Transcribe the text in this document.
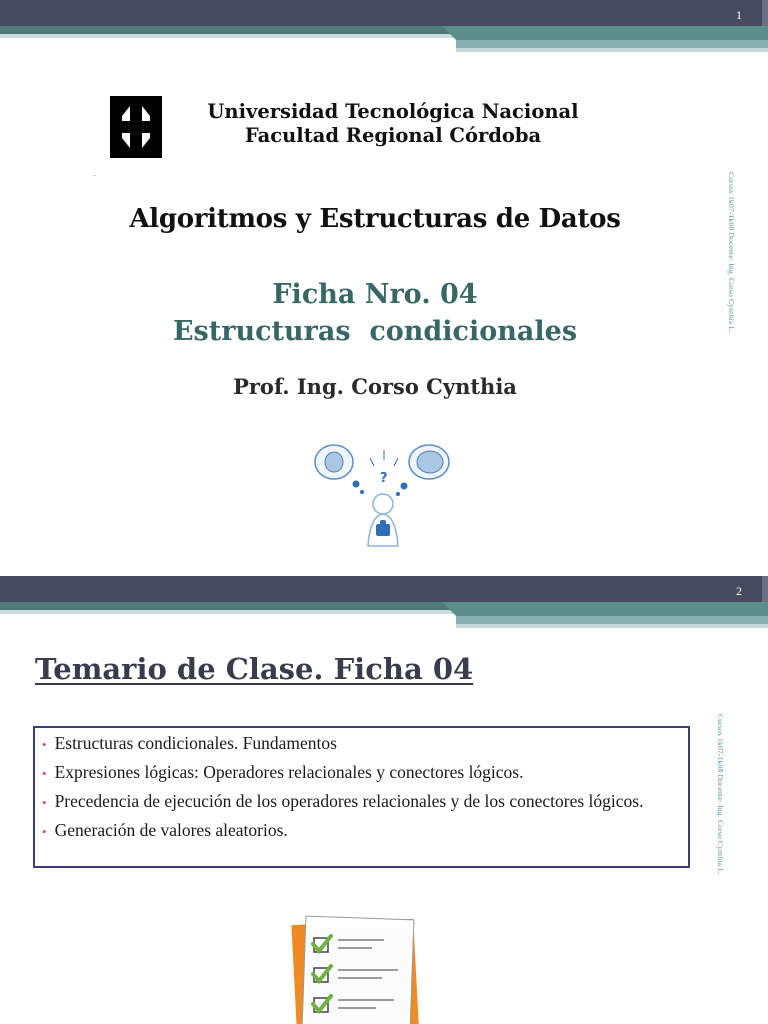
1
–
Universidad Tecnológica Nacional
Facultad Regional Córdoba
Algoritmos y Estructuras de Datos
Ficha Nro. 04
Estructuras  condicionales
Prof. Ing. Corso Cynthia
?
Cursos 1k07-1k08 Docente: Ing. Corso Cynthia L.
2
Temario de Clase. Ficha 04
• Estructuras condicionales. Fundamentos
• Expresiones lógicas: Operadores relacionales y conectores lógicos.
• Precedencia de ejecución de los operadores relacionales y de los conectores lógicos.
• Generación de valores aleatorios.	Cursos 1k07-1k08 Docente: Ing. Corso Cynthia L.
